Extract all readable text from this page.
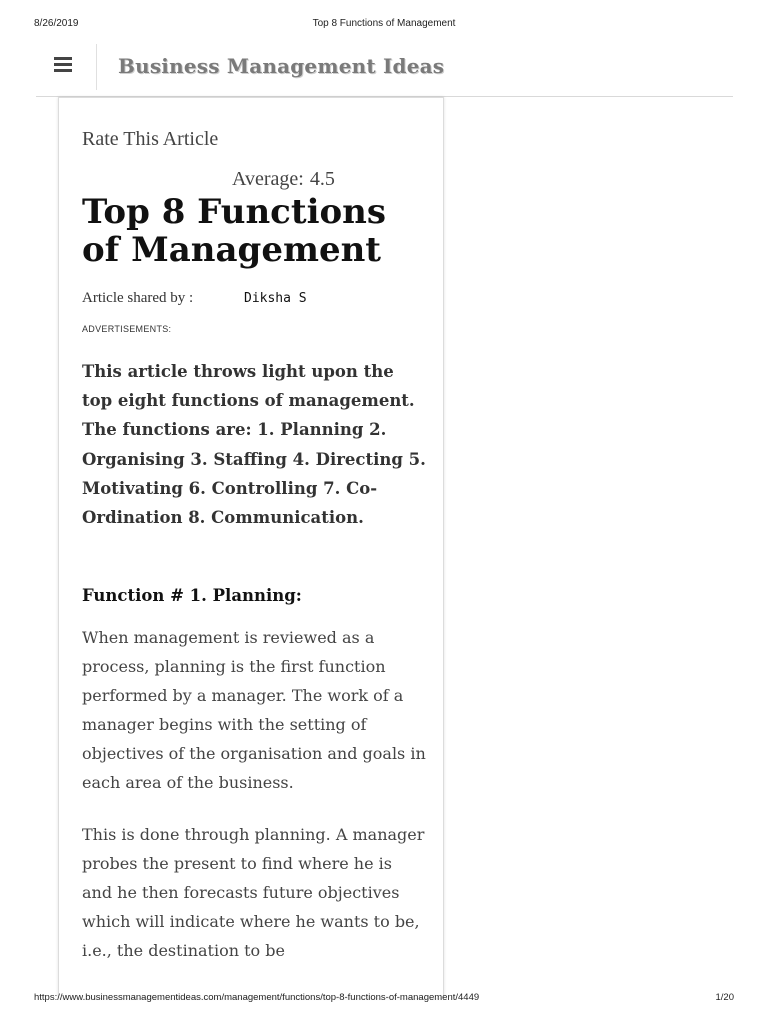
8/26/2019	Top 8 Functions of Management
Business Management Ideas
Rate This Article
Average: 4.5
Top 8 Functions of Management
Article shared by :	Diksha S
ADVERTISEMENTS:

This article throws light upon the top eight functions of management. The functions are: 1. Planning 2. Organising 3. Staffing 4. Directing 5. Motivating 6. Controlling 7. Co-Ordination 8. Communication.

Function # 1. Planning:

When management is reviewed as a process, planning is the first function performed by a manager. The work of a manager begins with the setting of objectives of the organisation and goals in each area of the business.

This is done through planning. A manager probes the present to find where he is and he then forecasts future objectives which will indicate where he wants to be, i.e., the destination to be

https://www.businessmanagementideas.com/management/functions/top-8-functions-of-management/4449	1/20
